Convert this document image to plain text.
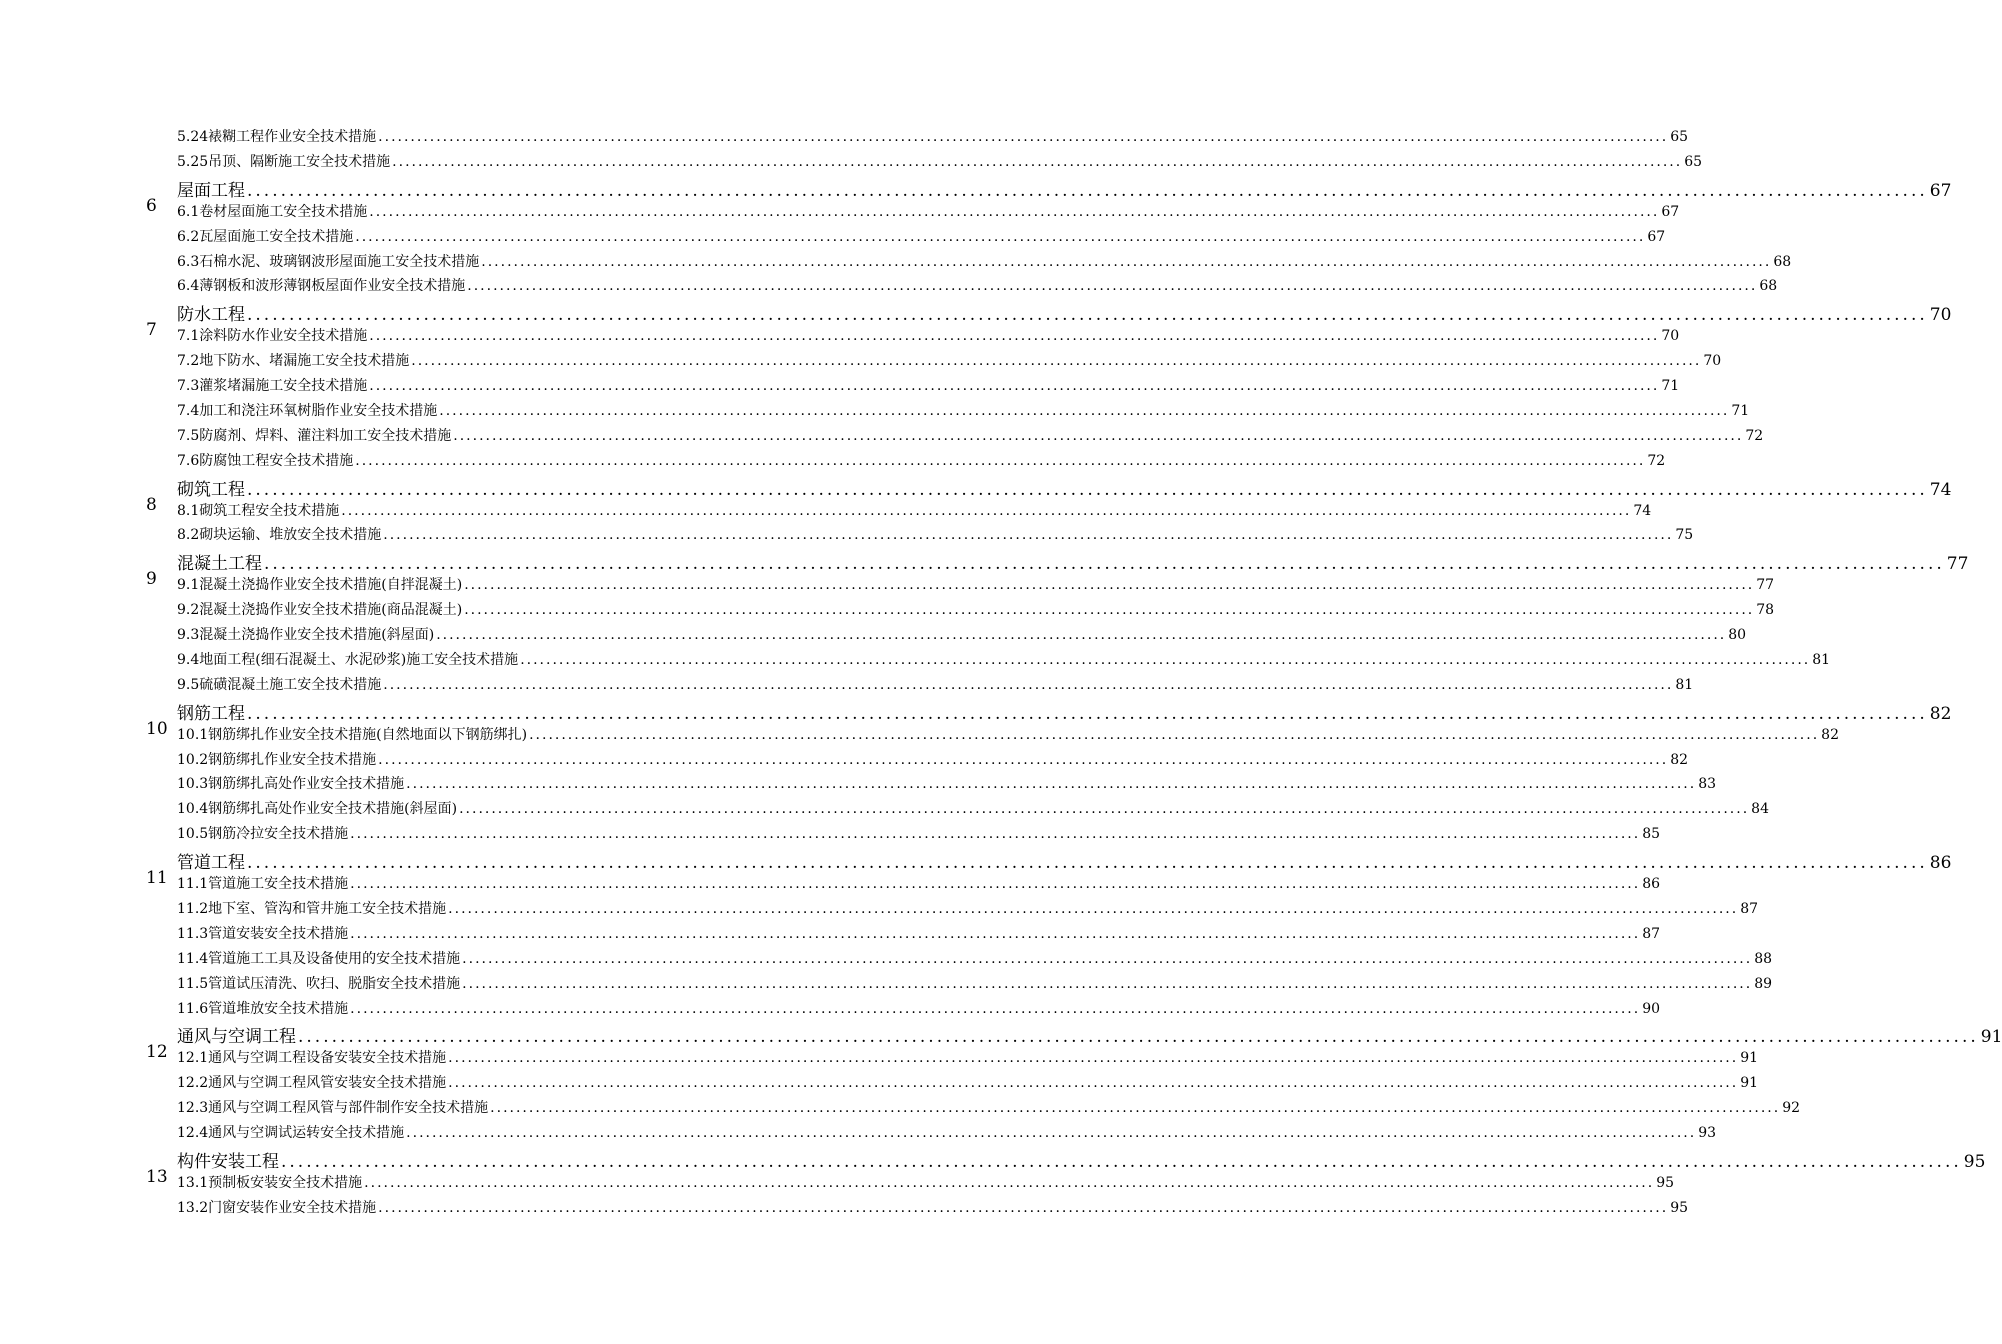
5.24裱糊工程作业安全技术措施 ........................................................................................................................................................................................................ 65
5.25吊顶、隔断施工安全技术措施 ........................................................................................................................................................................................................ 65
6
屋面工程 ........................................................................................................................................................................................................ 67
6.1卷材屋面施工安全技术措施 ........................................................................................................................................................................................................ 67
6.2瓦屋面施工安全技术措施 ........................................................................................................................................................................................................ 67
6.3石棉水泥、玻璃钢波形屋面施工安全技术措施 ........................................................................................................................................................................................................ 68
6.4薄钢板和波形薄钢板屋面作业安全技术措施 ........................................................................................................................................................................................................ 68
7
防水工程 ........................................................................................................................................................................................................ 70
7.1涂料防水作业安全技术措施 ........................................................................................................................................................................................................ 70
7.2地下防水、堵漏施工安全技术措施 ........................................................................................................................................................................................................ 70
7.3灌浆堵漏施工安全技术措施 ........................................................................................................................................................................................................ 71
7.4加工和浇注环氧树脂作业安全技术措施 ........................................................................................................................................................................................................ 71
7.5防腐剂、焊料、灌注料加工安全技术措施 ........................................................................................................................................................................................................ 72
7.6防腐蚀工程安全技术措施 ........................................................................................................................................................................................................ 72
8
砌筑工程 ........................................................................................................................................................................................................ 74
8.1砌筑工程安全技术措施 ........................................................................................................................................................................................................ 74
8.2砌块运输、堆放安全技术措施 ........................................................................................................................................................................................................ 75
9
混凝土工程 ........................................................................................................................................................................................................ 77
9.1混凝土浇捣作业安全技术措施(自拌混凝土) ........................................................................................................................................................................................................ 77
9.2混凝土浇捣作业安全技术措施(商品混凝土) ........................................................................................................................................................................................................ 78
9.3混凝土浇捣作业安全技术措施(斜屋面) ........................................................................................................................................................................................................ 80
9.4地面工程(细石混凝土、水泥砂浆)施工安全技术措施 ........................................................................................................................................................................................................ 81
9.5硫磺混凝土施工安全技术措施 ........................................................................................................................................................................................................ 81
10
钢筋工程 ........................................................................................................................................................................................................ 82
10.1钢筋绑扎作业安全技术措施(自然地面以下钢筋绑扎) ........................................................................................................................................................................................................ 82
10.2钢筋绑扎作业安全技术措施 ........................................................................................................................................................................................................ 82
10.3钢筋绑扎高处作业安全技术措施 ........................................................................................................................................................................................................ 83
10.4钢筋绑扎高处作业安全技术措施(斜屋面) ........................................................................................................................................................................................................ 84
10.5钢筋冷拉安全技术措施 ........................................................................................................................................................................................................ 85
11
管道工程 ........................................................................................................................................................................................................ 86
11.1管道施工安全技术措施 ........................................................................................................................................................................................................ 86
11.2地下室、管沟和管井施工安全技术措施 ........................................................................................................................................................................................................ 87
11.3管道安装安全技术措施 ........................................................................................................................................................................................................ 87
11.4管道施工工具及设备使用的安全技术措施 ........................................................................................................................................................................................................ 88
11.5管道试压清洗、吹扫、脱脂安全技术措施 ........................................................................................................................................................................................................ 89
11.6管道堆放安全技术措施 ........................................................................................................................................................................................................ 90
12
通风与空调工程 ........................................................................................................................................................................................................ 91
12.1通风与空调工程设备安装安全技术措施 ........................................................................................................................................................................................................ 91
12.2通风与空调工程风管安装安全技术措施 ........................................................................................................................................................................................................ 91
12.3通风与空调工程风管与部件制作安全技术措施 ........................................................................................................................................................................................................ 92
12.4通风与空调试运转安全技术措施 ........................................................................................................................................................................................................ 93
13
构件安装工程 ........................................................................................................................................................................................................ 95
13.1预制板安装安全技术措施 ........................................................................................................................................................................................................ 95
13.2门窗安装作业安全技术措施 ........................................................................................................................................................................................................ 95
